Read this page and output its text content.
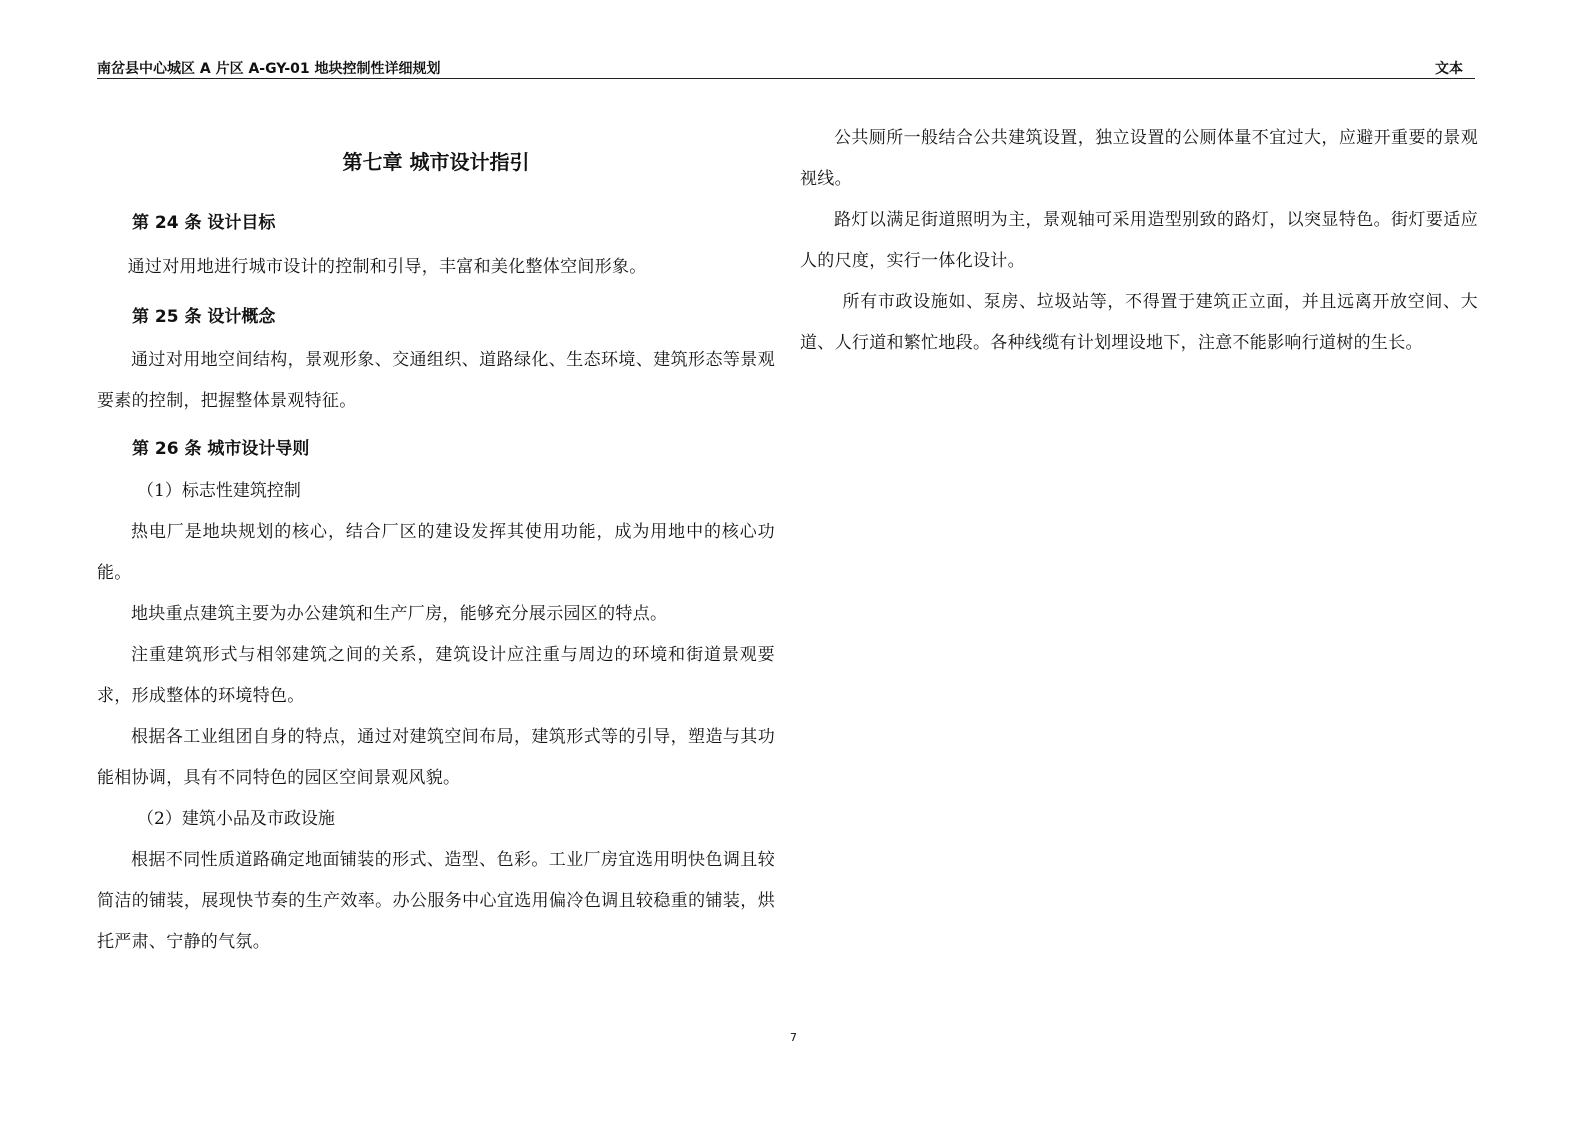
南岔县中心城区 A 片区 A-GY-01 地块控制性详细规划	文本
第七章 城市设计指引
第 24 条 设计目标

通过对用地进行城市设计的控制和引导，丰富和美化整体空间形象。

第 25 条 设计概念

通过对用地空间结构，景观形象、交通组织、道路绿化、生态环境、建筑形态等景观要素的控制，把握整体景观特征。

第 26 条 城市设计导则

（1）标志性建筑控制

热电厂是地块规划的核心，结合厂区的建设发挥其使用功能，成为用地中的核心功能。

地块重点建筑主要为办公建筑和生产厂房，能够充分展示园区的特点。

注重建筑形式与相邻建筑之间的关系，建筑设计应注重与周边的环境和街道景观要求，形成整体的环境特色。

根据各工业组团自身的特点，通过对建筑空间布局，建筑形式等的引导，塑造与其功能相协调，具有不同特色的园区空间景观风貌。

（2）建筑小品及市政设施

根据不同性质道路确定地面铺装的形式、造型、色彩。工业厂房宜选用明快色调且较简洁的铺装，展现快节奏的生产效率。办公服务中心宜选用偏冷色调且较稳重的铺装，烘托严肃、宁静的气氛。

公共厕所一般结合公共建筑设置，独立设置的公厕体量不宜过大，应避开重要的景观视线。

路灯以满足街道照明为主，景观轴可采用造型别致的路灯，以突显特色。街灯要适应人的尺度，实行一体化设计。

所有市政设施如、泵房、垃圾站等，不得置于建筑正立面，并且远离开放空间、大道、人行道和繁忙地段。各种线缆有计划埋设地下，注意不能影响行道树的生长。

7
